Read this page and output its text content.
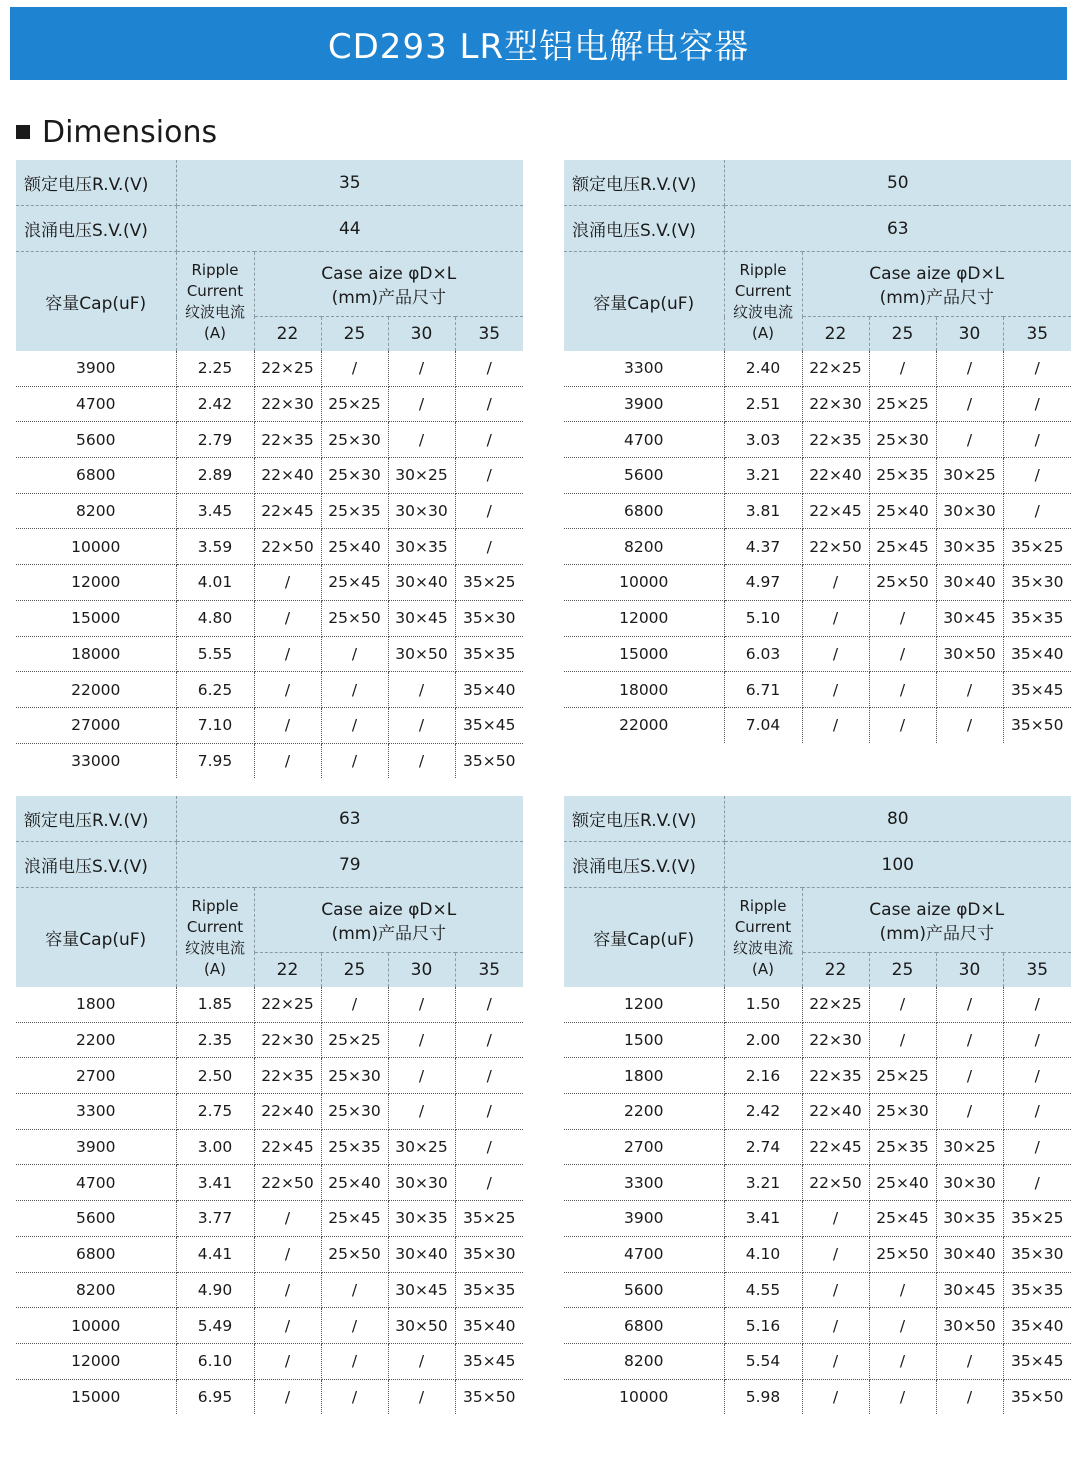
CD293 LR型铝电解电容器
Dimensions
额定电压R.V.(V)	35				
浪涌电压S.V.(V)	44				
容量Cap(uF)	Ripple
Current
纹波电流
(A)	Case aize φD×L
(mm)产品尺寸			
		22	25	30	35
3900	2.25	22×25	/	/	/
4700	2.42	22×30	25×25	/	/
5600	2.79	22×35	25×30	/	/
6800	2.89	22×40	25×30	30×25	/
8200	3.45	22×45	25×35	30×30	/
10000	3.59	22×50	25×40	30×35	/
12000	4.01	/	25×45	30×40	35×25
15000	4.80	/	25×50	30×45	35×30
18000	5.55	/	/	30×50	35×35
22000	6.25	/	/	/	35×40
27000	7.10	/	/	/	35×45
33000	7.95	/	/	/	35×50
额定电压R.V.(V)	50				
浪涌电压S.V.(V)	63				
容量Cap(uF)	Ripple
Current
纹波电流
(A)	Case aize φD×L
(mm)产品尺寸			
		22	25	30	35
3300	2.40	22×25	/	/	/
3900	2.51	22×30	25×25	/	/
4700	3.03	22×35	25×30	/	/
5600	3.21	22×40	25×35	30×25	/
6800	3.81	22×45	25×40	30×30	/
8200	4.37	22×50	25×45	30×35	35×25
10000	4.97	/	25×50	30×40	35×30
12000	5.10	/	/	30×45	35×35
15000	6.03	/	/	30×50	35×40
18000	6.71	/	/	/	35×45
22000	7.04	/	/	/	35×50
额定电压R.V.(V)	63				
浪涌电压S.V.(V)	79				
容量Cap(uF)	Ripple
Current
纹波电流
(A)	Case aize φD×L
(mm)产品尺寸			
		22	25	30	35
1800	1.85	22×25	/	/	/
2200	2.35	22×30	25×25	/	/
2700	2.50	22×35	25×30	/	/
3300	2.75	22×40	25×30	/	/
3900	3.00	22×45	25×35	30×25	/
4700	3.41	22×50	25×40	30×30	/
5600	3.77	/	25×45	30×35	35×25
6800	4.41	/	25×50	30×40	35×30
8200	4.90	/	/	30×45	35×35
10000	5.49	/	/	30×50	35×40
12000	6.10	/	/	/	35×45
15000	6.95	/	/	/	35×50
额定电压R.V.(V)	80				
浪涌电压S.V.(V)	100				
容量Cap(uF)	Ripple
Current
纹波电流
(A)	Case aize φD×L
(mm)产品尺寸			
		22	25	30	35
1200	1.50	22×25	/	/	/
1500	2.00	22×30	/	/	/
1800	2.16	22×35	25×25	/	/
2200	2.42	22×40	25×30	/	/
2700	2.74	22×45	25×35	30×25	/
3300	3.21	22×50	25×40	30×30	/
3900	3.41	/	25×45	30×35	35×25
4700	4.10	/	25×50	30×40	35×30
5600	4.55	/	/	30×45	35×35
6800	5.16	/	/	30×50	35×40
8200	5.54	/	/	/	35×45
10000	5.98	/	/	/	35×50
